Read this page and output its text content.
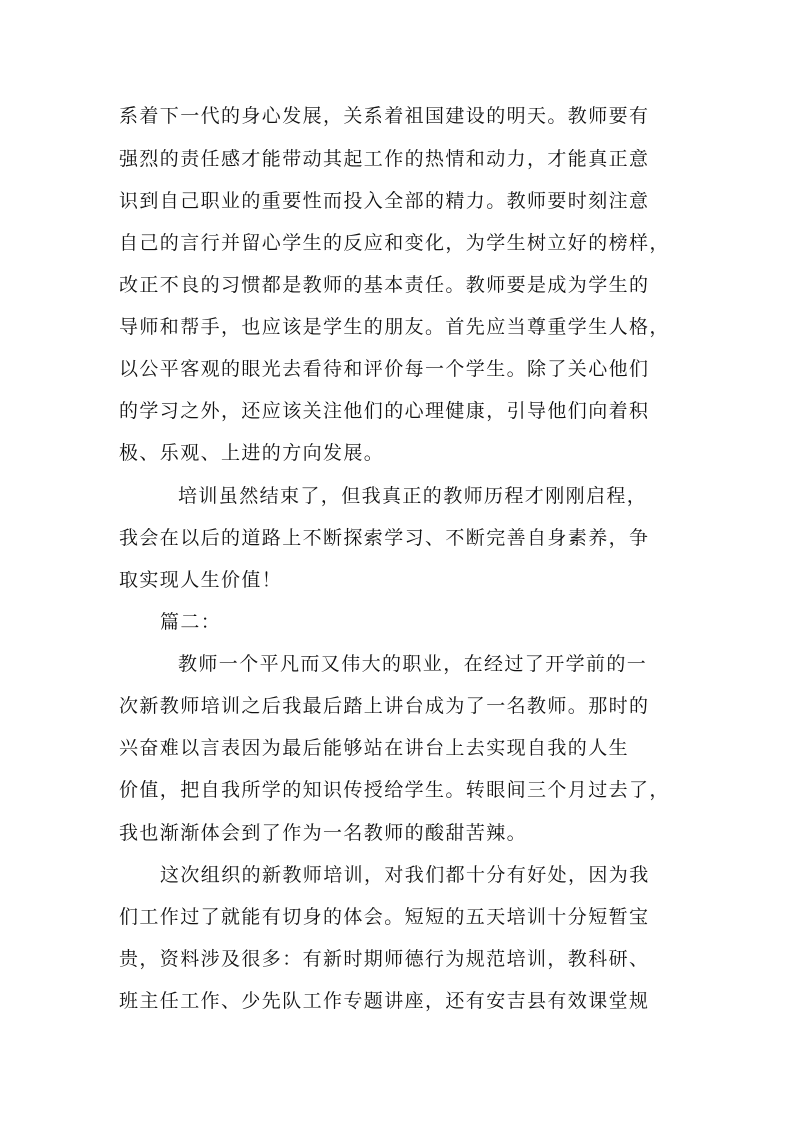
系着下一代的身心发展，关系着祖国建设的明天。教师要有
强烈的责任感才能带动其起工作的热情和动力，才能真正意
识到自己职业的重要性而投入全部的精力。教师要时刻注意
自己的言行并留心学生的反应和变化，为学生树立好的榜样，
改正不良的习惯都是教师的基本责任。教师要是成为学生的
导师和帮手，也应该是学生的朋友。首先应当尊重学生人格，
以公平客观的眼光去看待和评价每一个学生。除了关心他们
的学习之外，还应该关注他们的心理健康，引导他们向着积
极、乐观、上进的方向发展。
培训虽然结束了，但我真正的教师历程才刚刚启程，
我会在以后的道路上不断探索学习、不断完善自身素养，争
取实现人生价值！
篇二：
教师一个平凡而又伟大的职业，在经过了开学前的一
次新教师培训之后我最后踏上讲台成为了一名教师。那时的
兴奋难以言表因为最后能够站在讲台上去实现自我的人生
价值，把自我所学的知识传授给学生。转眼间三个月过去了，
我也渐渐体会到了作为一名教师的酸甜苦辣。
这次组织的新教师培训，对我们都十分有好处，因为我
们工作过了就能有切身的体会。短短的五天培训十分短暂宝
贵，资料涉及很多：有新时期师德行为规范培训，教科研、
班主任工作、少先队工作专题讲座，还有安吉县有效课堂规
